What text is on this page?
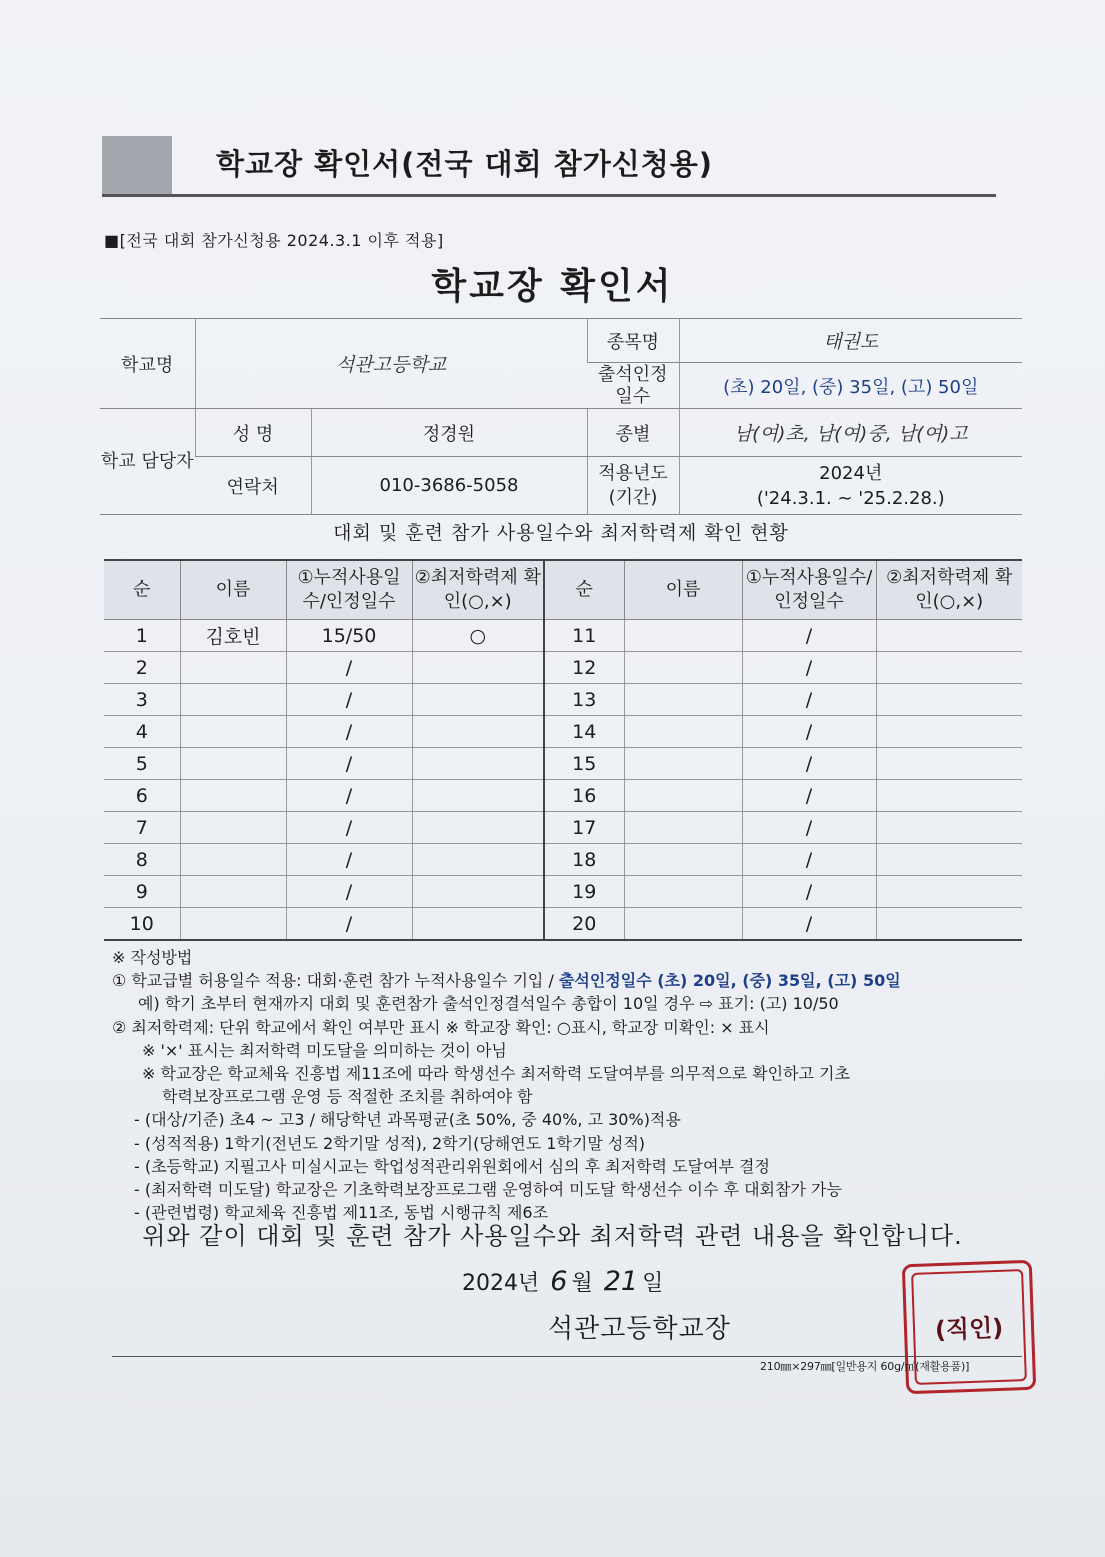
학교장 확인서(전국 대회 참가신청용)
■[전국 대회 참가신청용 2024.3.1 이후 적용]
학교장 확인서
학교명	석관고등학교		종목명	태권도
			출석인정 일수	(초) 20일, (중) 35일, (고) 50일
학교 담당자	성 명	정경원	종별	남(여)초, 남(여)중, 남(여)고
	연락처	010-3686-5058	적용년도 (기간)	2024년
('24.3.1. ~ '25.2.28.)
대회 및 훈련 참가 사용일수와 최저학력제 확인 현황
순	이름	①누적사용일수/인정일수	②최저학력제 확인(○,×)	순	이름	①누적사용일수/인정일수	②최저학력제 확인(○,×)
1	김호빈	15/50	○	11		/	
2		/		12		/	
3		/		13		/	
4		/		14		/	
5		/		15		/	
6		/		16		/	
7		/		17		/	
8		/		18		/	
9		/		19		/	
10		/		20		/	
※ 작성방법
① 학교급별 허용일수 적용: 대회·훈련 참가 누적사용일수 기입 / 출석인정일수 (초) 20일, (중) 35일, (고) 50일
예) 학기 초부터 현재까지 대회 및 훈련참가 출석인정결석일수 총합이 10일 경우 ⇨ 표기: (고) 10/50
② 최저학력제: 단위 학교에서 확인 여부만 표시 ※ 학교장 확인: ○표시, 학교장 미확인: × 표시
※ '×' 표시는 최저학력 미도달을 의미하는 것이 아님
※ 학교장은 학교체육 진흥법 제11조에 따라 학생선수 최저학력 도달여부를 의무적으로 확인하고 기초
학력보장프로그램 운영 등 적절한 조치를 취하여야 함
- (대상/기준) 초4 ~ 고3 / 해당학년 과목평균(초 50%, 중 40%, 고 30%)적용
- (성적적용) 1학기(전년도 2학기말 성적), 2학기(당해연도 1학기말 성적)
- (초등학교) 지필고사 미실시교는 학업성적관리위원회에서 심의 후 최저학력 도달여부 결정
- (최저학력 미도달) 학교장은 기초학력보장프로그램 운영하여 미도달 학생선수 이수 후 대회참가 가능
- (관련법령) 학교체육 진흥법 제11조, 동법 시행규칙 제6조
위와 같이 대회 및 훈련 참가 사용일수와 최저학력 관련 내용을 확인합니다.
2024년 6 월 21 일
석관고등학교장	(직인)
210㎜×297㎜[일반용지 60g/㎡(재활용품)]
